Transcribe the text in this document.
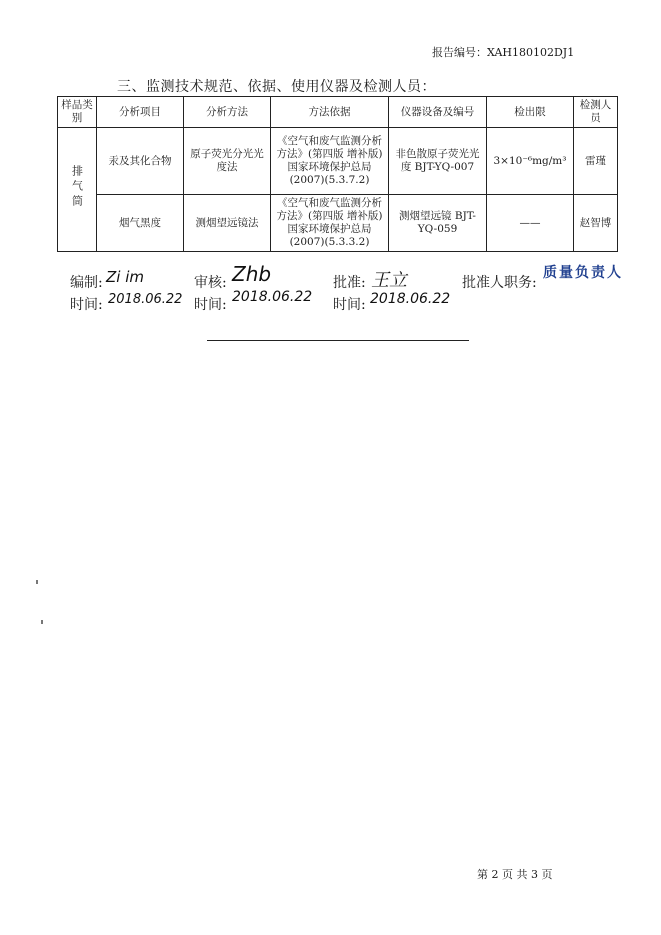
报告编号：XAH180102DJ1
三、监测技术规范、依据、使用仪器及检测人员：
样品类别	分析项目	分析方法	方法依据	仪器设备及编号	检出限	检测人员
排气筒	汞及其化合物	原子荧光分光光度法	《空气和废气监测分析方法》(第四版 增补版) 国家环境保护总局 (2007)(5.3.7.2)	非色散原子荧光光度 BJT-YQ-007	3×10⁻⁶mg/m³	雷瑾
	烟气黑度	测烟望远镜法	《空气和废气监测分析方法》(第四版 增补版) 国家环境保护总局 (2007)(5.3.3.2)	测烟望远镜 BJT-YQ-059	——	赵智博
编制: Zi im
时间: 2018.06.22
审核: Zhb
时间: 2018.06.22
批准: 王立
时间: 2018.06.22
批准人职务:
质量负责人
第 2 页 共 3 页
